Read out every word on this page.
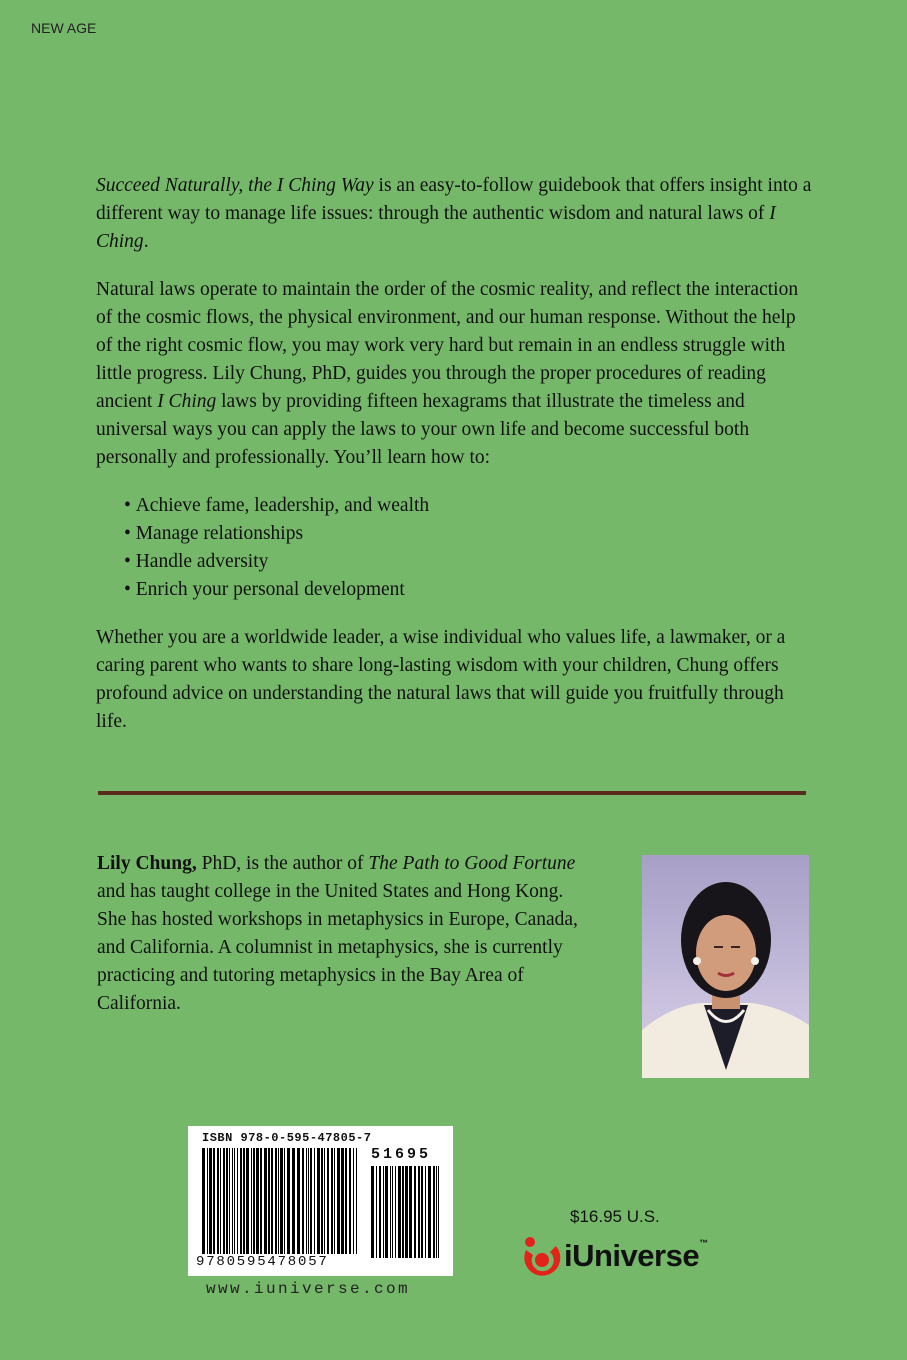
NEW AGE

Succeed Naturally, the I Ching Way is an easy-to-follow guidebook that offers insight into a different way to manage life issues: through the authentic wisdom and natural laws of I Ching.

Natural laws operate to maintain the order of the cosmic reality, and reflect the interaction of the cosmic flows, the physical environment, and our human response. Without the help of the right cosmic flow, you may work very hard but remain in an endless struggle with little progress. Lily Chung, PhD, guides you through the proper procedures of reading ancient I Ching laws by providing fifteen hexagrams that illustrate the timeless and universal ways you can apply the laws to your own life and become successful both personally and professionally. You’ll learn how to:

• Achieve fame, leadership, and wealth
• Manage relationships
• Handle adversity
• Enrich your personal development

Whether you are a worldwide leader, a wise individual who values life, a lawmaker, or a caring parent who wants to share long-lasting wisdom with your children, Chung offers profound advice on understanding the natural laws that will guide you fruitfully through life.

Lily Chung, PhD, is the author of The Path to Good Fortune and has taught college in the United States and Hong Kong. She has hosted workshops in metaphysics in Europe, Canada, and California. A columnist in metaphysics, she is currently practicing and tutoring metaphysics in the Bay Area of California.
ISBN 978-0-595-47805-7
51695
9780595478057
www.iuniverse.com
$16.95 U.S.
iUniverse™
